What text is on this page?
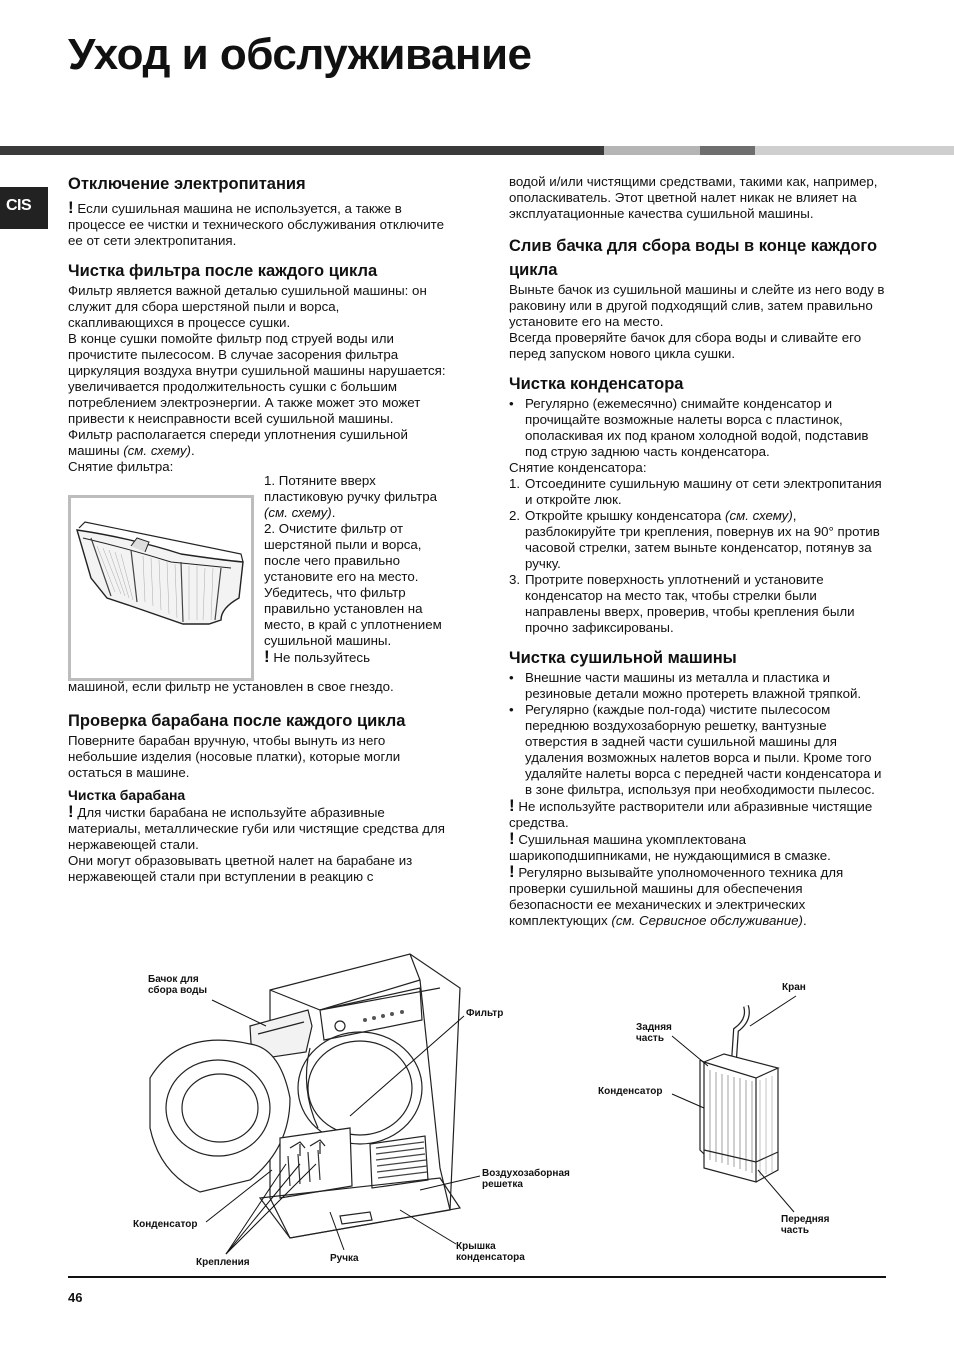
Уход и обслуживание
CIS
Отключение электропитания

! Если сушильная машина не используется, а также в процессе ее чистки и технического обслуживания отключите ее от сети электропитания.

Чистка фильтра после каждого цикла

Фильтр является важной деталью сушильной машины: он служит для сбора шерстяной пыли и ворса, скапливающихся в процессе сушки.

В конце сушки помойте фильтр под струей воды или прочистите пылесосом. В случае засорения фильтра циркуляция воздуха внутри сушильной машины нарушается: увеличивается продолжительность сушки с большим потреблением электроэнергии. А также может это может привести к неисправности всей сушильной машины.

Фильтр располагается спереди уплотнения сушильной машины (см. схему).

Снятие фильтра:

1. Потяните вверх пластиковую ручку фильтра (см. схему).

2. Очистите фильтр от шерстяной пыли и ворса, после чего правильно установите его на место. Убедитесь, что фильтр правильно установлен на место, в край с уплотнением сушильной машины.

! Не пользуйтесь

машиной, если фильтр не установлен в свое гнездо.

Проверка барабана после каждого цикла

Поверните барабан вручную, чтобы вынуть из него небольшие изделия (носовые платки), которые могли остаться в машине.

Чистка барабана

! Для чистки барабана не используйте абразивные материалы, металлические губи или чистящие средства для нержавеющей стали.

Они могут образовывать цветной налет на барабане из нержавеющей стали при вступлении в реакцию с

водой и/или чистящими средствами, такими как, например, ополаскиватель. Этот цветной налет никак не влияет на эксплуатационные качества сушильной машины.

Слив бачка для сбора воды в конце каждого цикла

Выньте бачок из сушильной машины и слейте из него воду в раковину или в другой подходящий слив, затем правильно установите его на место.

Всегда проверяйте бачок для сбора воды и сливайте его перед запуском нового цикла сушки.

Чистка конденсатора
• Регулярно (ежемесячно) снимайте конденсатор и прочищайте возможные налеты ворса с пластинок, ополаскивая их под краном холодной водой, подставив под струю заднюю часть конденсатора.

Снятие конденсатора:

1. Отсоедините сушильную машину от сети электропитания и откройте люк.
2. Откройте крышку конденсатора (см. схему), разблокируйте три крепления, повернув их на 90° против часовой стрелки, затем выньте конденсатор, потянув за ручку.
3. Протрите поверхность уплотнений и установите конденсатор на место так, чтобы стрелки были направлены вверх, проверив, чтобы крепления были прочно зафиксированы.
Чистка сушильной машины
• Внешние части машины из металла и пластика и резиновые детали можно протереть влажной тряпкой.
• Регулярно (каждые пол-года) чистите пылесосом переднюю воздухозаборную решетку, вантузные отверстия в задней части сушильной машины для удаления возможных налетов ворса и пыли. Кроме того удаляйте налеты ворса с передней части конденсатора и в зоне фильтра, используя при необходимости пылесос.

! Не используйте растворители или абразивные чистящие средства.

! Сушильная машина укомплектована шарикоподшипниками, не нуждающимися в смазке.

! Регулярно вызывайте уполномоченного техника для проверки сушильной машины для обеспечения безопасности ее механических и электрических комплектующих (см. Сервисное обслуживание).

Бачок для сбора воды
Фильтр
Воздухозаборная решетка
Конденсатор
Крепления	Ручка
Крышка конденсатора
Кран
Задняя часть
Конденсатор
Передняя часть
46
